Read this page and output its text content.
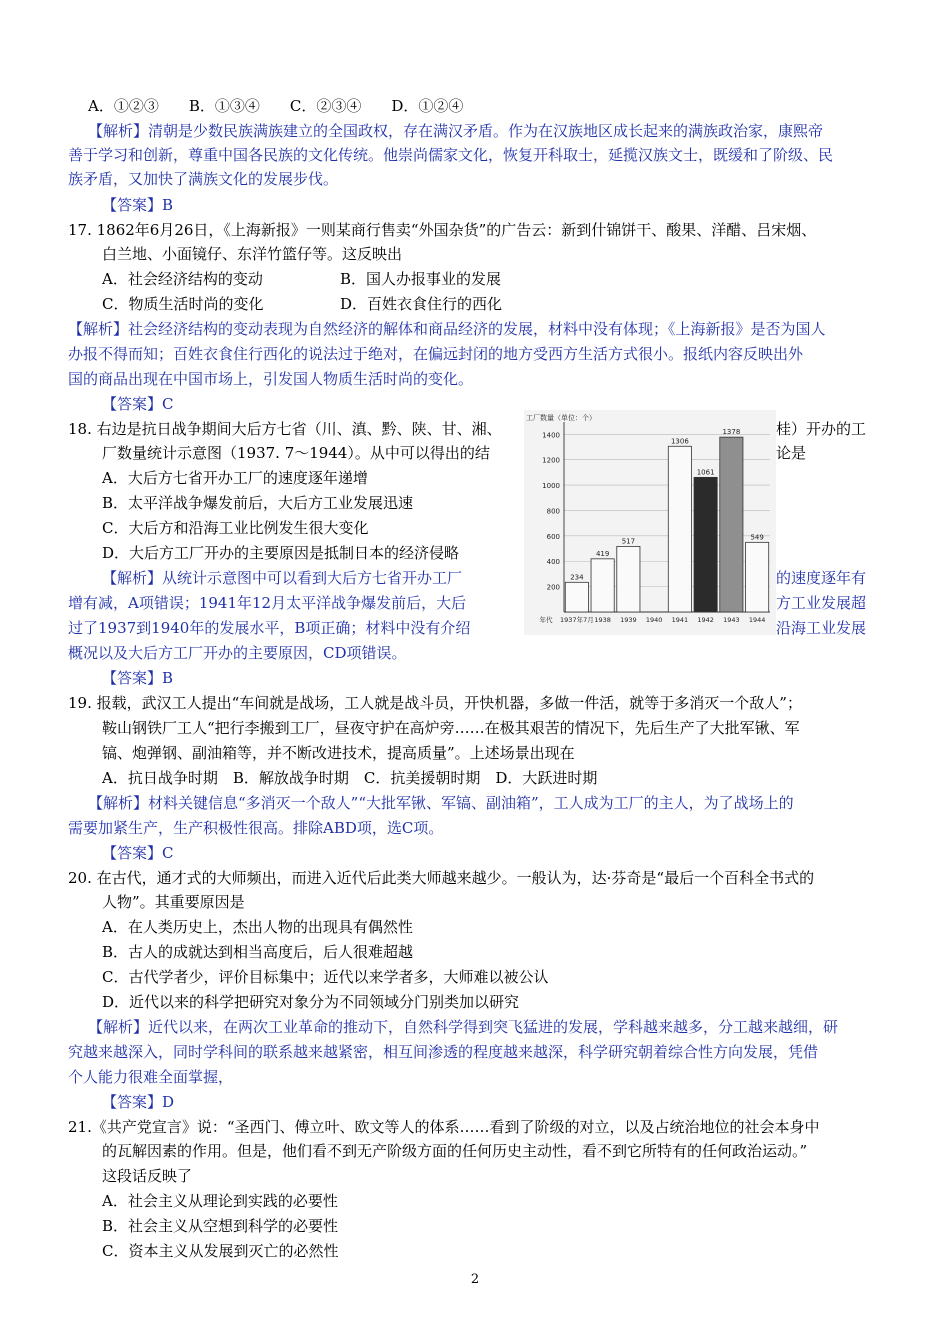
A．①②③　　B．①③④　　C．②③④　　D．①②④
【解析】清朝是少数民族满族建立的全国政权，存在满汉矛盾。作为在汉族地区成长起来的满族政治家，康熙帝
善于学习和创新，尊重中国各民族的文化传统。他崇尚儒家文化，恢复开科取士，延揽汉族文士，既缓和了阶级、民
族矛盾，又加快了满族文化的发展步伐。
【答案】B
17. 1862年6月26日，《上海新报》一则某商行售卖“外国杂货”的广告云：新到什锦饼干、酸果、洋醋、吕宋烟、
白兰地、小面镜仔、东洋竹篮仔等。这反映出
A．社会经济结构的变动	B．国人办报事业的发展
C．物质生活时尚的变化	D．百姓衣食住行的西化
【解析】社会经济结构的变动表现为自然经济的解体和商品经济的发展，材料中没有体现；《上海新报》是否为国人
办报不得而知；百姓衣食住行西化的说法过于绝对，在偏远封闭的地方受西方生活方式很小。报纸内容反映出外
国的商品出现在中国市场上，引发国人物质生活时尚的变化。
【答案】C
18. 右边是抗日战争期间大后方七省（川、滇、黔、陕、甘、湘、
厂数量统计示意图（1937. 7～1944）。从中可以得出的结
桂）开办的工
论是
A．大后方七省开办工厂的速度逐年递增
B．太平洋战争爆发前后，大后方工业发展迅速
C．大后方和沿海工业比例发生很大变化
D．大后方工厂开办的主要原因是抵制日本的经济侵略
【解析】从统计示意图中可以看到大后方七省开办工厂
增有减，A项错误；1941年12月太平洋战争爆发前后，大后
过了1937到1940年的发展水平，B项正确；材料中没有介绍
的速度逐年有
方工业发展超
沿海工业发展
概况以及大后方工厂开办的主要原因，CD项错误。
【答案】B
200
400
600
800
1000
1200
1400
1937年7月 1938 1939 1940 1941 1942 1943 1944
年代
工厂数量（单位：个）
234
419
517
1306
1061
1378
549
19. 报载，武汉工人提出“车间就是战场，工人就是战斗员，开快机器，多做一件活，就等于多消灭一个敌人”；
鞍山钢铁厂工人“把行李搬到工厂，昼夜守护在高炉旁……在极其艰苦的情况下，先后生产了大批军锹、军
镐、炮弹钢、副油箱等，并不断改进技术，提高质量”。上述场景出现在
A．抗日战争时期　B．解放战争时期　C．抗美援朝时期　D．大跃进时期
【解析】材料关键信息“多消灭一个敌人”“大批军锹、军镐、副油箱”，工人成为工厂的主人，为了战场上的
需要加紧生产，生产积极性很高。排除ABD项，选C项。
【答案】C
20. 在古代，通才式的大师频出，而进入近代后此类大师越来越少。一般认为，达·芬奇是“最后一个百科全书式的
人物”。其重要原因是
A．在人类历史上，杰出人物的出现具有偶然性
B．古人的成就达到相当高度后，后人很难超越
C．古代学者少，评价目标集中；近代以来学者多，大师难以被公认
D．近代以来的科学把研究对象分为不同领域分门别类加以研究
【解析】近代以来，在两次工业革命的推动下，自然科学得到突飞猛进的发展，学科越来越多，分工越来越细，研
究越来越深入，同时学科间的联系越来越紧密，相互间渗透的程度越来越深，科学研究朝着综合性方向发展，凭借
个人能力很难全面掌握，
【答案】D
21.《共产党宣言》说：“圣西门、傅立叶、欧文等人的体系……看到了阶级的对立，以及占统治地位的社会本身中
的瓦解因素的作用。但是，他们看不到无产阶级方面的任何历史主动性，看不到它所特有的任何政治运动。”
这段话反映了
A．社会主义从理论到实践的必要性
B．社会主义从空想到科学的必要性
C．资本主义从发展到灭亡的必然性
2
